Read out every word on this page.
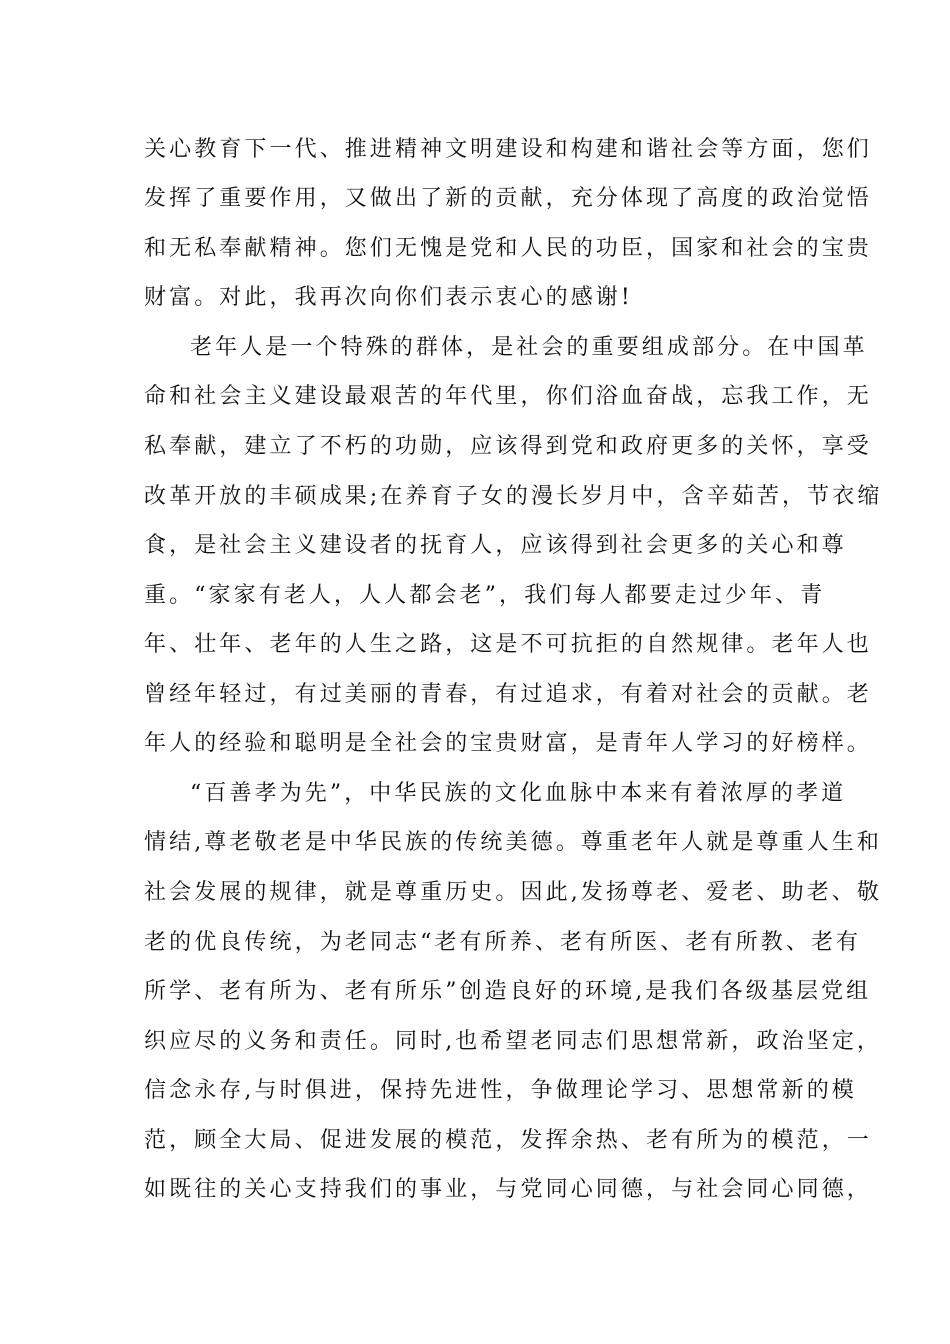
关心教育下一代、推进精神文明建设和构建和谐社会等方面，您们
发挥了重要作用，又做出了新的贡献，充分体现了高度的政治觉悟
和无私奉献精神。您们无愧是党和人民的功臣，国家和社会的宝贵
财富。对此，我再次向你们表示衷心的感谢!
老年人是一个特殊的群体，是社会的重要组成部分。在中国革
命和社会主义建设最艰苦的年代里，你们浴血奋战，忘我工作，无
私奉献，建立了不朽的功勋，应该得到党和政府更多的关怀，享受
改革开放的丰硕成果;在养育子女的漫长岁月中，含辛茹苦，节衣缩
食，是社会主义建设者的抚育人，应该得到社会更多的关心和尊
重。“家家有老人，人人都会老”，我们每人都要走过少年、青
年、壮年、老年的人生之路，这是不可抗拒的自然规律。老年人也
曾经年轻过，有过美丽的青春，有过追求，有着对社会的贡献。老
年人的经验和聪明是全社会的宝贵财富，是青年人学习的好榜样。
“百善孝为先”，中华民族的文化血脉中本来有着浓厚的孝道
情结,尊老敬老是中华民族的传统美德。尊重老年人就是尊重人生和
社会发展的规律，就是尊重历史。因此,发扬尊老、爱老、助老、敬
老的优良传统，为老同志“老有所养、老有所医、老有所教、老有
所学、老有所为、老有所乐”创造良好的环境,是我们各级基层党组
织应尽的义务和责任。同时,也希望老同志们思想常新，政治坚定，
信念永存,与时俱进，保持先进性，争做理论学习、思想常新的模
范，顾全大局、促进发展的模范，发挥余热、老有所为的模范，一
如既往的关心支持我们的事业，与党同心同德，与社会同心同德，
